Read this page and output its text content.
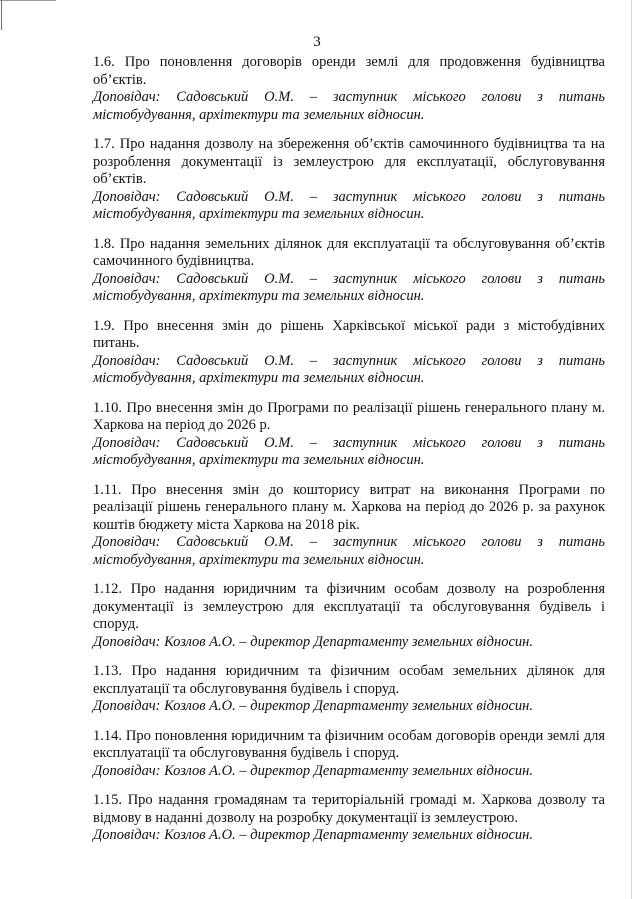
3

1.6. Про поновлення договорів оренди землі для продовження будівництва об’єктів.

Доповідач: Садовський О.М. – заступник міського голови з питань містобудування, архітектури та земельних відносин.

1.7. Про надання дозволу на збереження об’єктів самочинного будівництва та на розроблення документації із землеустрою для експлуатації, обслуговування об’єктів.

Доповідач: Садовський О.М. – заступник міського голови з питань містобудування, архітектури та земельних відносин.

1.8. Про надання земельних ділянок для експлуатації та обслуговування об’єктів самочинного будівництва.

Доповідач: Садовський О.М. – заступник міського голови з питань містобудування, архітектури та земельних відносин.

1.9. Про внесення змін до рішень Харківської міської ради з містобудівних питань.

Доповідач: Садовський О.М. – заступник міського голови з питань містобудування, архітектури та земельних відносин.

1.10. Про внесення змін до Програми по реалізації рішень генерального плану м. Харкова на період до 2026 р.

Доповідач: Садовський О.М. – заступник міського голови з питань містобудування, архітектури та земельних відносин.

1.11. Про внесення змін до кошторису витрат на виконання Програми по реалізації рішень генерального плану м. Харкова на період до 2026 р. за рахунок коштів бюджету міста Харкова на 2018 рік.

Доповідач: Садовський О.М. – заступник міського голови з питань містобудування, архітектури та земельних відносин.

1.12. Про надання юридичним та фізичним особам дозволу на розроблення документації із землеустрою для експлуатації та обслуговування будівель і споруд.

Доповідач: Козлов А.О. – директор Департаменту земельних відносин.

1.13. Про надання юридичним та фізичним особам земельних ділянок для експлуатації та обслуговування будівель і споруд.

Доповідач: Козлов А.О. – директор Департаменту земельних відносин.

1.14. Про поновлення юридичним та фізичним особам договорів оренди землі для експлуатації та обслуговування будівель і споруд.

Доповідач: Козлов А.О. – директор Департаменту земельних відносин.

1.15. Про надання громадянам та територіальній громаді м. Харкова дозволу та відмову в наданні дозволу на розробку документації із землеустрою.

Доповідач: Козлов А.О. – директор Департаменту земельних відносин.
